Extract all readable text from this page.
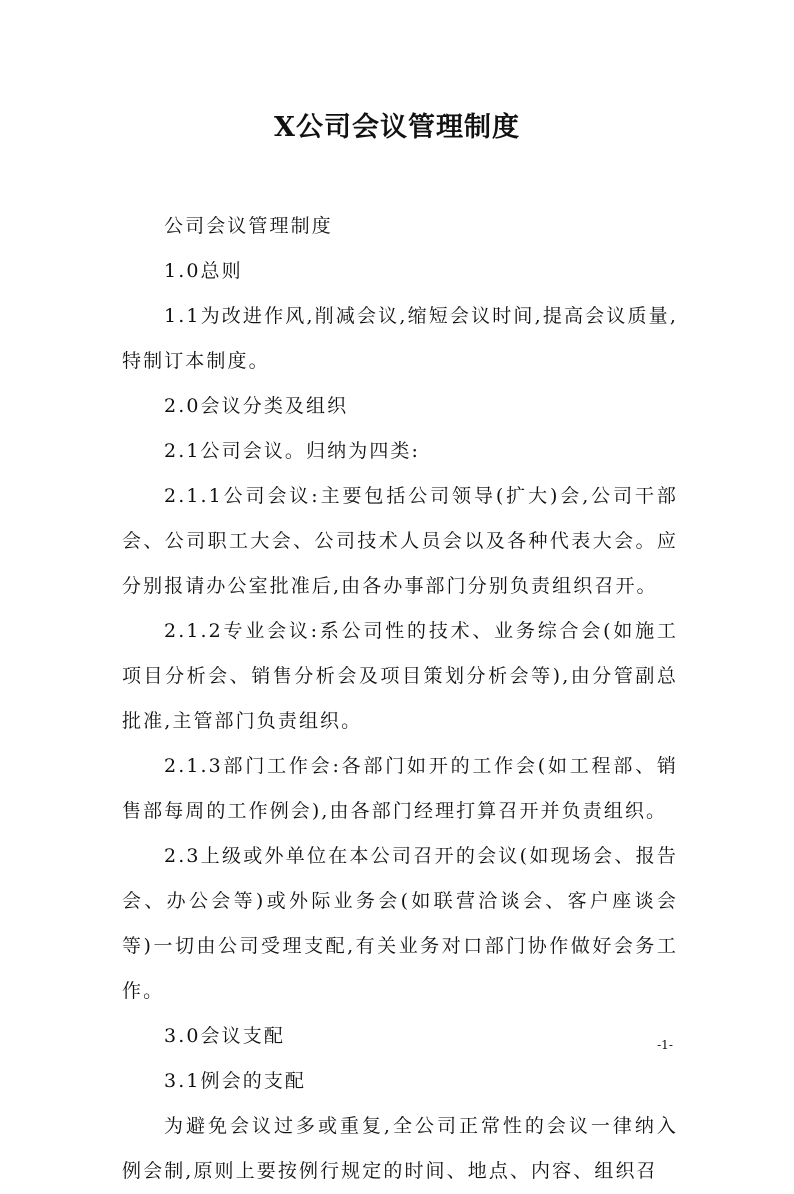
X公司会议管理制度

公司会议管理制度

1.0总则

1.1为改进作风,削减会议,缩短会议时间,提高会议质量,特制订本制度。

2.0会议分类及组织

2.1公司会议。归纳为四类:

2.1.1公司会议:主要包括公司领导(扩大)会,公司干部会、公司职工大会、公司技术人员会以及各种代表大会。应分别报请办公室批准后,由各办事部门分别负责组织召开。

2.1.2专业会议:系公司性的技术、业务综合会(如施工项目分析会、销售分析会及项目策划分析会等),由分管副总批准,主管部门负责组织。

2.1.3部门工作会:各部门如开的工作会(如工程部、销售部每周的工作例会),由各部门经理打算召开并负责组织。

2.3上级或外单位在本公司召开的会议(如现场会、报告会、办公会等)或外际业务会(如联营洽谈会、客户座谈会等)一切由公司受理支配,有关业务对口部门协作做好会务工作。

3.0会议支配

3.1例会的支配

为避免会议过多或重复,全公司正常性的会议一律纳入例会制,原则上要按例行规定的时间、地点、内容、组织召

-1-
